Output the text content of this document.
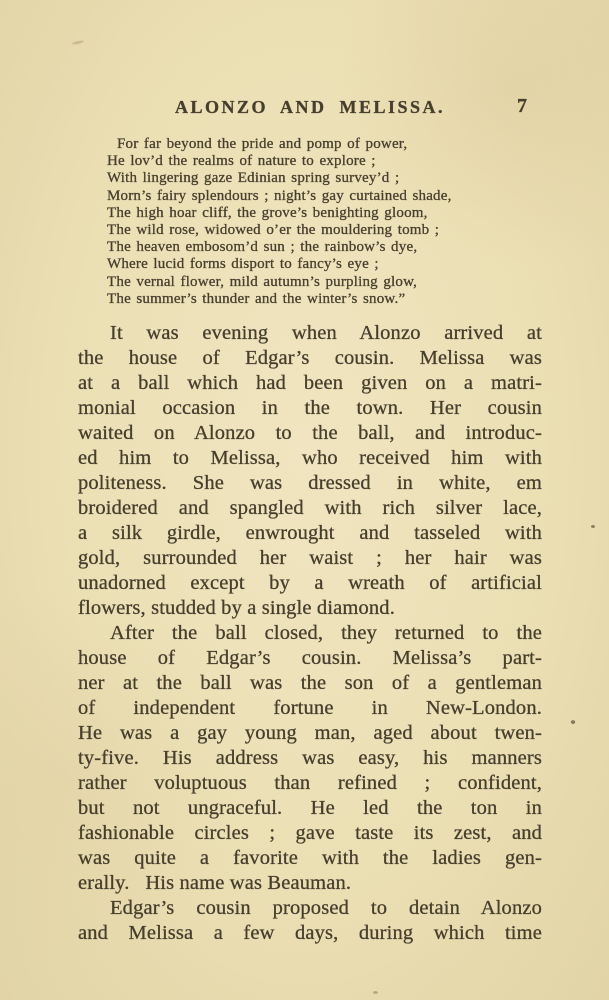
ALONZO AND MELISSA.	7
For far beyond the pride and pomp of power,
He lov’d the realms of nature to explore ;
With lingering gaze Edinian spring survey’d ;
Morn’s fairy splendours ; night’s gay curtained shade,
The high hoar cliff, the grove’s benighting gloom,
The wild rose, widowed o’er the mouldering tomb ;
The heaven embosom’d sun ; the rainbow’s dye,
Where lucid forms disport to fancy’s eye ;
The vernal flower, mild autumn’s purpling glow,
The summer’s thunder and the winter’s snow.”
It was evening when Alonzo arrived at
the house of Edgar’s cousin. Melissa was
at a ball which had been given on a matri-
monial occasion in the town. Her cousin
waited on Alonzo to the ball, and introduc-
ed him to Melissa, who received him with
politeness. She was dressed in white, em
broidered and spangled with rich silver lace,
a silk girdle, enwrought and tasseled with
gold, surrounded her waist ; her hair was
unadorned except by a wreath of artificial
flowers, studded by a single diamond.
After the ball closed, they returned to the
house of Edgar’s cousin. Melissa’s part-
ner at the ball was the son of a gentleman
of independent fortune in New-London.
He was a gay young man, aged about twen-
ty-five. His address was easy, his manners
rather voluptuous than refined ; confident,
but not ungraceful. He led the ton in
fashionable circles ; gave taste its zest, and
was quite a favorite with the ladies gen-
erally.   His name was Beauman.
Edgar’s cousin proposed to detain Alonzo
and Melissa a few days, during which time
